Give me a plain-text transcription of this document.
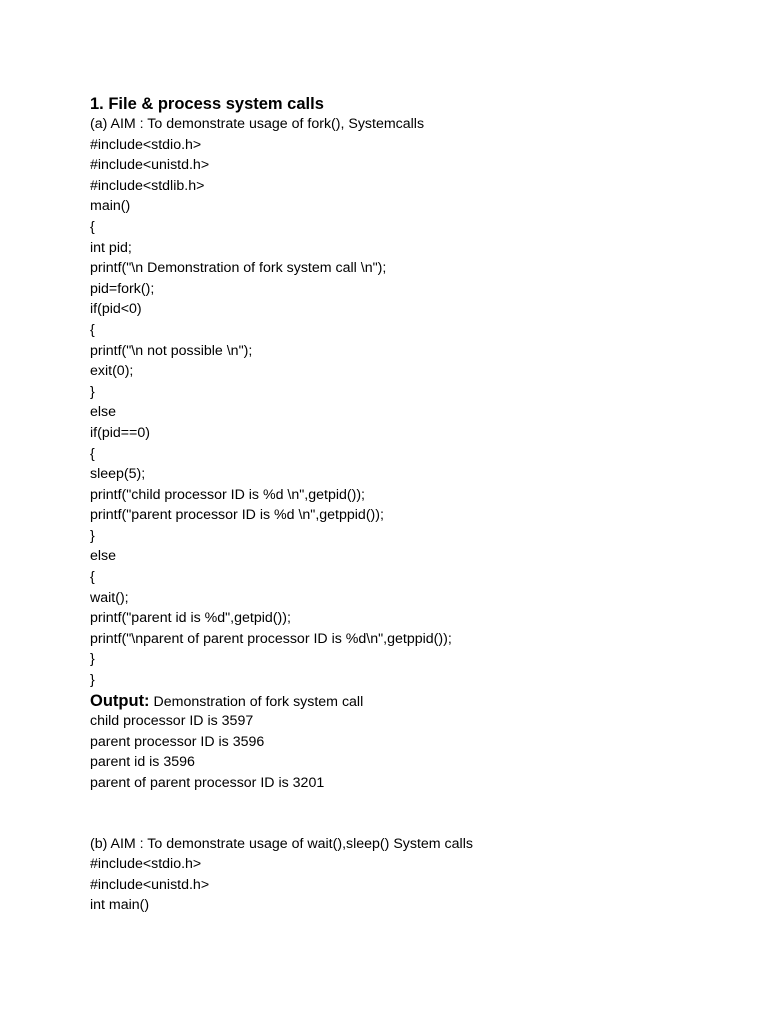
1. File & process system calls
(a) AIM : To demonstrate usage of fork(), Systemcalls
#include<stdio.h>
#include<unistd.h>
#include<stdlib.h>
main()
{
int pid;
printf("\n Demonstration of fork system call \n");
pid=fork();
if(pid<0)
{
printf("\n not possible \n");
exit(0);
}
else
if(pid==0)
{
sleep(5);
printf("child processor ID is %d \n",getpid());
printf("parent processor ID is %d \n",getppid());
}
else
{
wait();
printf("parent id is %d",getpid());
printf("\nparent of parent processor ID is %d\n",getppid());
}
}
Output: Demonstration of fork system call
child processor ID is 3597
parent processor ID is 3596
parent id is 3596
parent of parent processor ID is 3201
(b) AIM : To demonstrate usage of wait(),sleep() System calls
#include<stdio.h>
#include<unistd.h>
int main()
